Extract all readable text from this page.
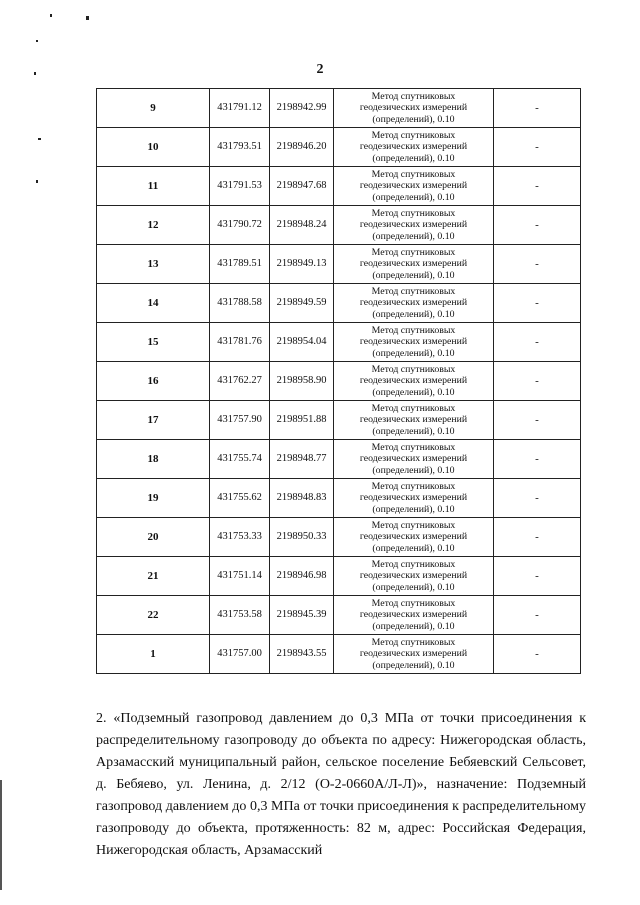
2
9	431791.12	2198942.99	Метод спутниковых
геодезических измерений
(определений), 0.10	-
10	431793.51	2198946.20	Метод спутниковых
геодезических измерений
(определений), 0.10	-
11	431791.53	2198947.68	Метод спутниковых
геодезических измерений
(определений), 0.10	-
12	431790.72	2198948.24	Метод спутниковых
геодезических измерений
(определений), 0.10	-
13	431789.51	2198949.13	Метод спутниковых
геодезических измерений
(определений), 0.10	-
14	431788.58	2198949.59	Метод спутниковых
геодезических измерений
(определений), 0.10	-
15	431781.76	2198954.04	Метод спутниковых
геодезических измерений
(определений), 0.10	-
16	431762.27	2198958.90	Метод спутниковых
геодезических измерений
(определений), 0.10	-
17	431757.90	2198951.88	Метод спутниковых
геодезических измерений
(определений), 0.10	-
18	431755.74	2198948.77	Метод спутниковых
геодезических измерений
(определений), 0.10	-
19	431755.62	2198948.83	Метод спутниковых
геодезических измерений
(определений), 0.10	-
20	431753.33	2198950.33	Метод спутниковых
геодезических измерений
(определений), 0.10	-
21	431751.14	2198946.98	Метод спутниковых
геодезических измерений
(определений), 0.10	-
22	431753.58	2198945.39	Метод спутниковых
геодезических измерений
(определений), 0.10	-
1	431757.00	2198943.55	Метод спутниковых
геодезических измерений
(определений), 0.10	-

2. «Подземный газопровод давлением до 0,3 МПа от точки присоединения к распределительному газопроводу до объекта по адресу: Нижегородская область, Арзамасский муниципальный район, сельское поселение Бебяевский Сельсовет, д. Бебяево, ул. Ленина, д. 2/12 (О-2-0660А/Л-Л)», назначение: Подземный газопровод давлением до 0,3 МПа от точки присоединения к распределительному газопроводу до объекта, протяженность: 82 м, адрес: Российская Федерация, Нижегородская область, Арзамасский
